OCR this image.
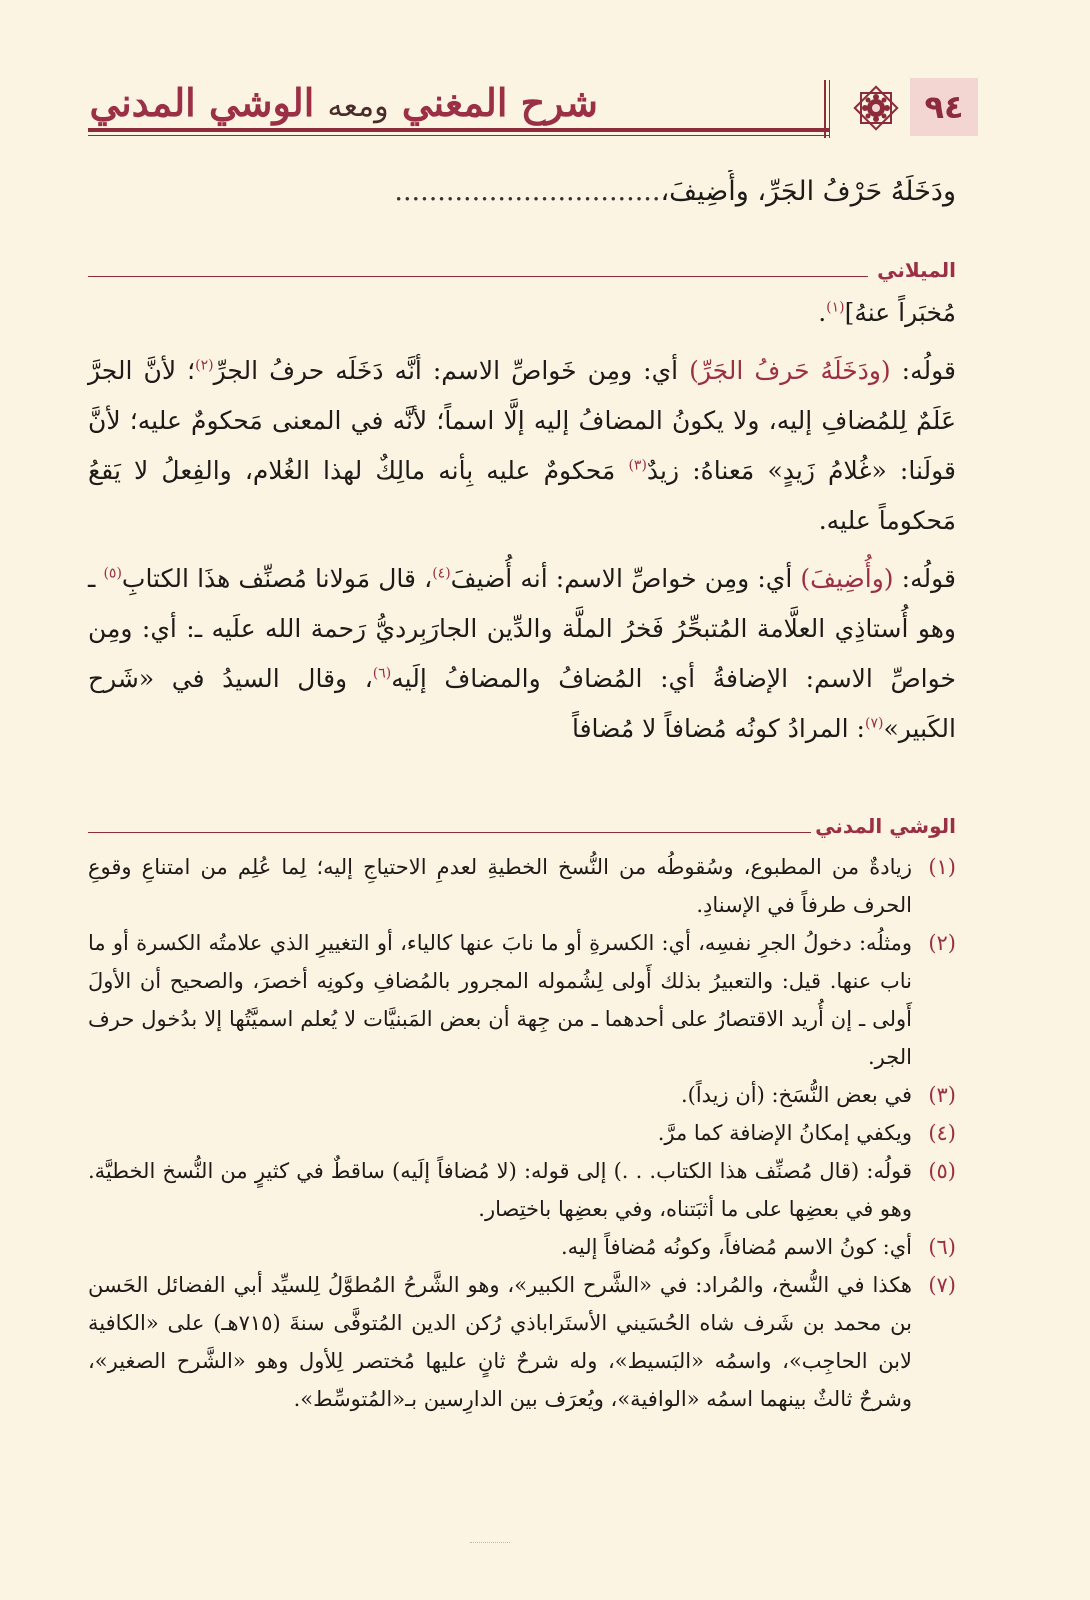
٩٤
شرح المغني ومعه الوشي المدني
ودَخَلَهُ حَرْفُ الجَرِّ، وأُضِيفَ،...............................
الميلاني

مُخبَراً عنهُ]$^{(١)}$.

قولُه: (ودَخَلَهُ حَرفُ الجَرِّ) أي: ومِن خَواصِّ الاسم: أنَّه دَخَلَه حرفُ الجرِّ$^{(٢)}$؛ لأنَّ الجرَّ عَلَمٌ لِلمُضافِ إليه، ولا يكونُ المضافُ إليه إلَّا اسماً؛ لأنَّه في المعنى مَحكومٌ عليه؛ لأنَّ قولَنا: «غُلامُ زَيدٍ» مَعناهُ: زيدٌ$^{(٣)}$ مَحكومٌ عليه بِأنه مالِكٌ لهذا الغُلام، والفِعلُ لا يَقعُ مَحكوماً عليه.

قولُه: (وأُضِيفَ) أي: ومِن خواصِّ الاسم: أنه أُضيفَ$^{(٤)}$، قال مَولانا مُصنِّف هذَا الكتابِ$^{(٥)}$ ـ وهو أُستاذِي العلَّامة المُتبحِّرُ فَخرُ الملَّة والدِّين الجارَبِرديُّ رَحمة الله علَيه ـ: أي: ومِن خواصِّ الاسم: الإضافةُ أي: المُضافُ والمضافُ إلَيه$^{(٦)}$، وقال السيدُ في «شَرح الكَبير»$^{(٧)}$: المرادُ كونُه مُضافاً لا مُضافاً

الوشي المدني
(١)
زيادةٌ من المطبوع، وسُقوطُه من النُّسخ الخطيةِ لعدمِ الاحتياجِ إليه؛ لِما عُلِم من امتناعِ وقوعِ الحرف طرفاً في الإسنادِ.
(٢)
ومثلُه: دخولُ الجرِ نفسِه، أي: الكسرةِ أو ما نابَ عنها كالياء، أو التغييرِ الذي علامتُه الكسرة أو ما ناب عنها. قيل: والتعبيرُ بذلك أَولى لِشُموله المجرور بالمُضافِ وكونِه أخصرَ، والصحيح أن الأولَ أَولى ـ إن أُريد الاقتصارُ على أحدهما ـ من جِهة أن بعض المَبنيَّات لا يُعلم اسميَّتُها إلا بدُخول حرف الجر.
(٣)
في بعض النُّسَخ: (أن زيداً).
(٤)
ويكفي إمكانُ الإضافة كما مرَّ.
(٥)
قولُه: (قال مُصنِّف هذا الكتاب. . .) إلى قوله: (لا مُضافاً إلَيه) ساقطٌ في كثيرٍ من النُّسخ الخطيَّة. وهو في بعضِها على ما أثبَتناه، وفي بعضِها باختِصار.
(٦)
أي: كونُ الاسم مُضافاً، وكونُه مُضافاً إليه.
(٧)
هكذا في النُّسخ، والمُراد: في «الشَّرح الكبير»، وهو الشَّرحُ المُطوَّلُ لِلسيِّد أبي الفضائل الحَسن بن محمد بن شَرف شاه الحُسَيني الأستَراباذي رُكن الدين المُتوفَّى سنةَ (٧١٥هـ) على «الكافية لابن الحاجِب»، واسمُه «البَسيط»، وله شرحٌ ثانٍ عليها مُختصر لِلأول وهو «الشَّرح الصغير»، وشرحٌ ثالثٌ بينهما اسمُه «الوافية»، ويُعرَف بين الدارِسين بـ«المُتوسِّط».
